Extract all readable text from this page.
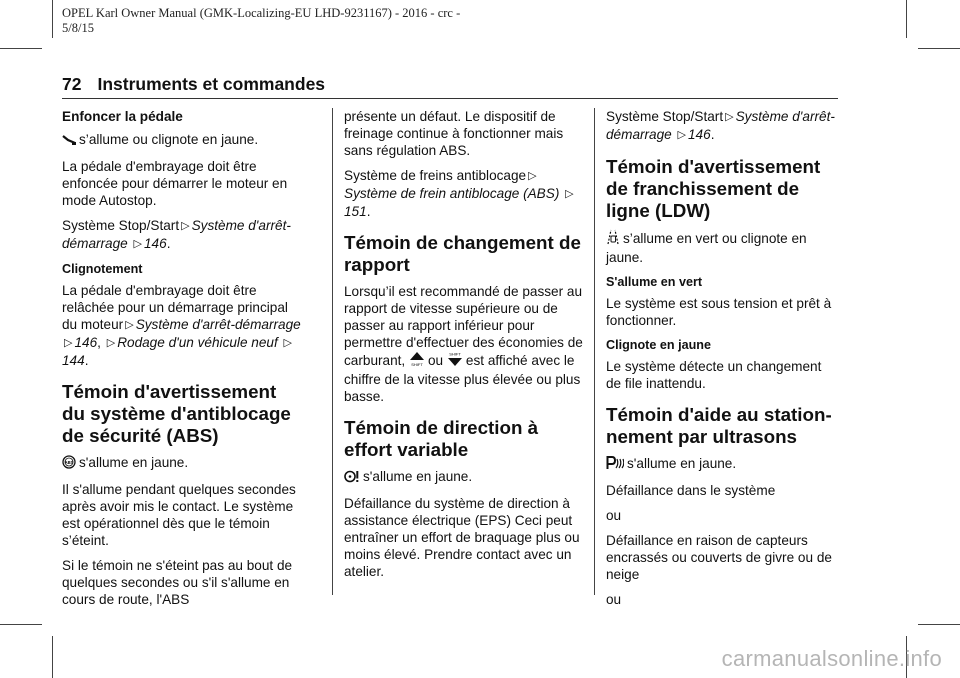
OPEL Karl Owner Manual (GMK-Localizing-EU LHD-9231167) - 2016 - crc -
5/8/15
72 Instruments et commandes
Enfoncer la pédale

s’allume ou clignote en jaune.

La pédale d'embrayage doit être enfoncée pour démarrer le moteur en mode Autostop.

Système Stop/Start ▷ Système d'arrêt-démarrage ▷ 146.

Clignotement

La pédale d'embrayage doit être relâchée pour un démarrage principal du moteur ▷ Système d'arrêt-démarrage ▷ 146, ▷ Rodage d'un véhicule neuf ▷144.

Témoin d'avertissement du système d'antiblocage de sécurité (ABS)

ABS s'allume en jaune.

Il s'allume pendant quelques secondes après avoir mis le contact. Le système est opérationnel dès que le témoin s’éteint.

Si le témoin ne s'éteint pas au bout de quelques secondes ou s'il s'allume en cours de route, l'ABS

présente un défaut. Le dispositif de freinage continue à fonctionner mais sans régulation ABS.

Système de freins antiblocage ▷Système de frein antiblocage (ABS) ▷151.

Témoin de changement de rapport

Lorsqu’il est recommandé de passer au rapport de vitesse supérieure ou de passer au rapport inférieur pour permettre d'effectuer des économies de carburant, SHIFT ou SHIFT est affiché avec le chiffre de la vitesse plus élevée ou plus basse.

Témoin de direction à effort variable

s'allume en jaune.

Défaillance du système de direction à assistance électrique (EPS) Ceci peut entraîner un effort de braquage plus ou moins élevé. Prendre contact avec un atelier.

Système Stop/Start ▷ Système d'arrêt-démarrage ▷ 146.

Témoin d'avertissement de franchissement de ligne (LDW)

s’allume en vert ou clignote en jaune.

S'allume en vert

Le système est sous tension et prêt à fonctionner.

Clignote en jaune

Le système détecte un changement de file inattendu.

Témoin d'aide au stationnement par ultrasons

s'allume en jaune.

Défaillance dans le système

ou

Défaillance en raison de capteurs encrassés ou couverts de givre ou de neige

ou

carmanualsonline.info
